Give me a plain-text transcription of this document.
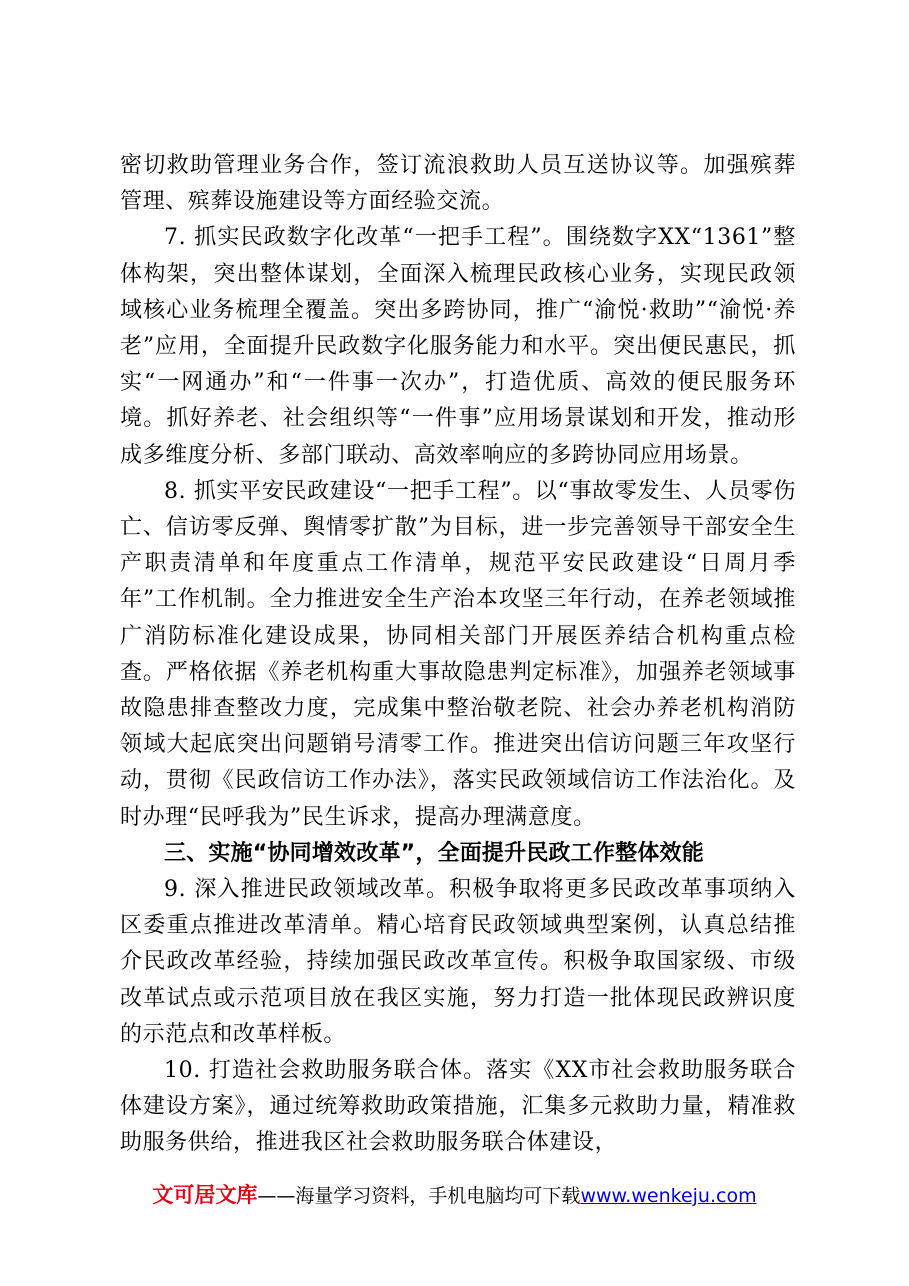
密切救助管理业务合作，签订流浪救助人员互送协议等。加强殡葬管理、殡葬设施建设等方面经验交流。

7. 抓实民政数字化改革“一把手工程”。围绕数字XX“1361”整体构架，突出整体谋划，全面深入梳理民政核心业务，实现民政领域核心业务梳理全覆盖。突出多跨协同，推广“渝悦·救助”“渝悦·养老”应用，全面提升民政数字化服务能力和水平。突出便民惠民，抓实“一网通办”和“一件事一次办”，打造优质、高效的便民服务环境。抓好养老、社会组织等“一件事”应用场景谋划和开发，推动形成多维度分析、多部门联动、高效率响应的多跨协同应用场景。

8. 抓实平安民政建设“一把手工程”。以“事故零发生、人员零伤亡、信访零反弹、舆情零扩散”为目标，进一步完善领导干部安全生产职责清单和年度重点工作清单，规范平安民政建设“日周月季年”工作机制。全力推进安全生产治本攻坚三年行动，在养老领域推广消防标准化建设成果，协同相关部门开展医养结合机构重点检查。严格依据《养老机构重大事故隐患判定标准》，加强养老领域事故隐患排查整改力度，完成集中整治敬老院、社会办养老机构消防领域大起底突出问题销号清零工作。推进突出信访问题三年攻坚行动，贯彻《民政信访工作办法》，落实民政领域信访工作法治化。及时办理“民呼我为”民生诉求，提高办理满意度。

三、实施“协同增效改革”，全面提升民政工作整体效能

9. 深入推进民政领域改革。积极争取将更多民政改革事项纳入区委重点推进改革清单。精心培育民政领域典型案例，认真总结推介民政改革经验，持续加强民政改革宣传。积极争取国家级、市级改革试点或示范项目放在我区实施，努力打造一批体现民政辨识度的示范点和改革样板。

10. 打造社会救助服务联合体。落实《XX市社会救助服务联合体建设方案》，通过统筹救助政策措施，汇集多元救助力量，精准救助服务供给，推进我区社会救助服务联合体建设，

文可居文库——海量学习资料，手机电脑均可下载www.wenkeju.com
